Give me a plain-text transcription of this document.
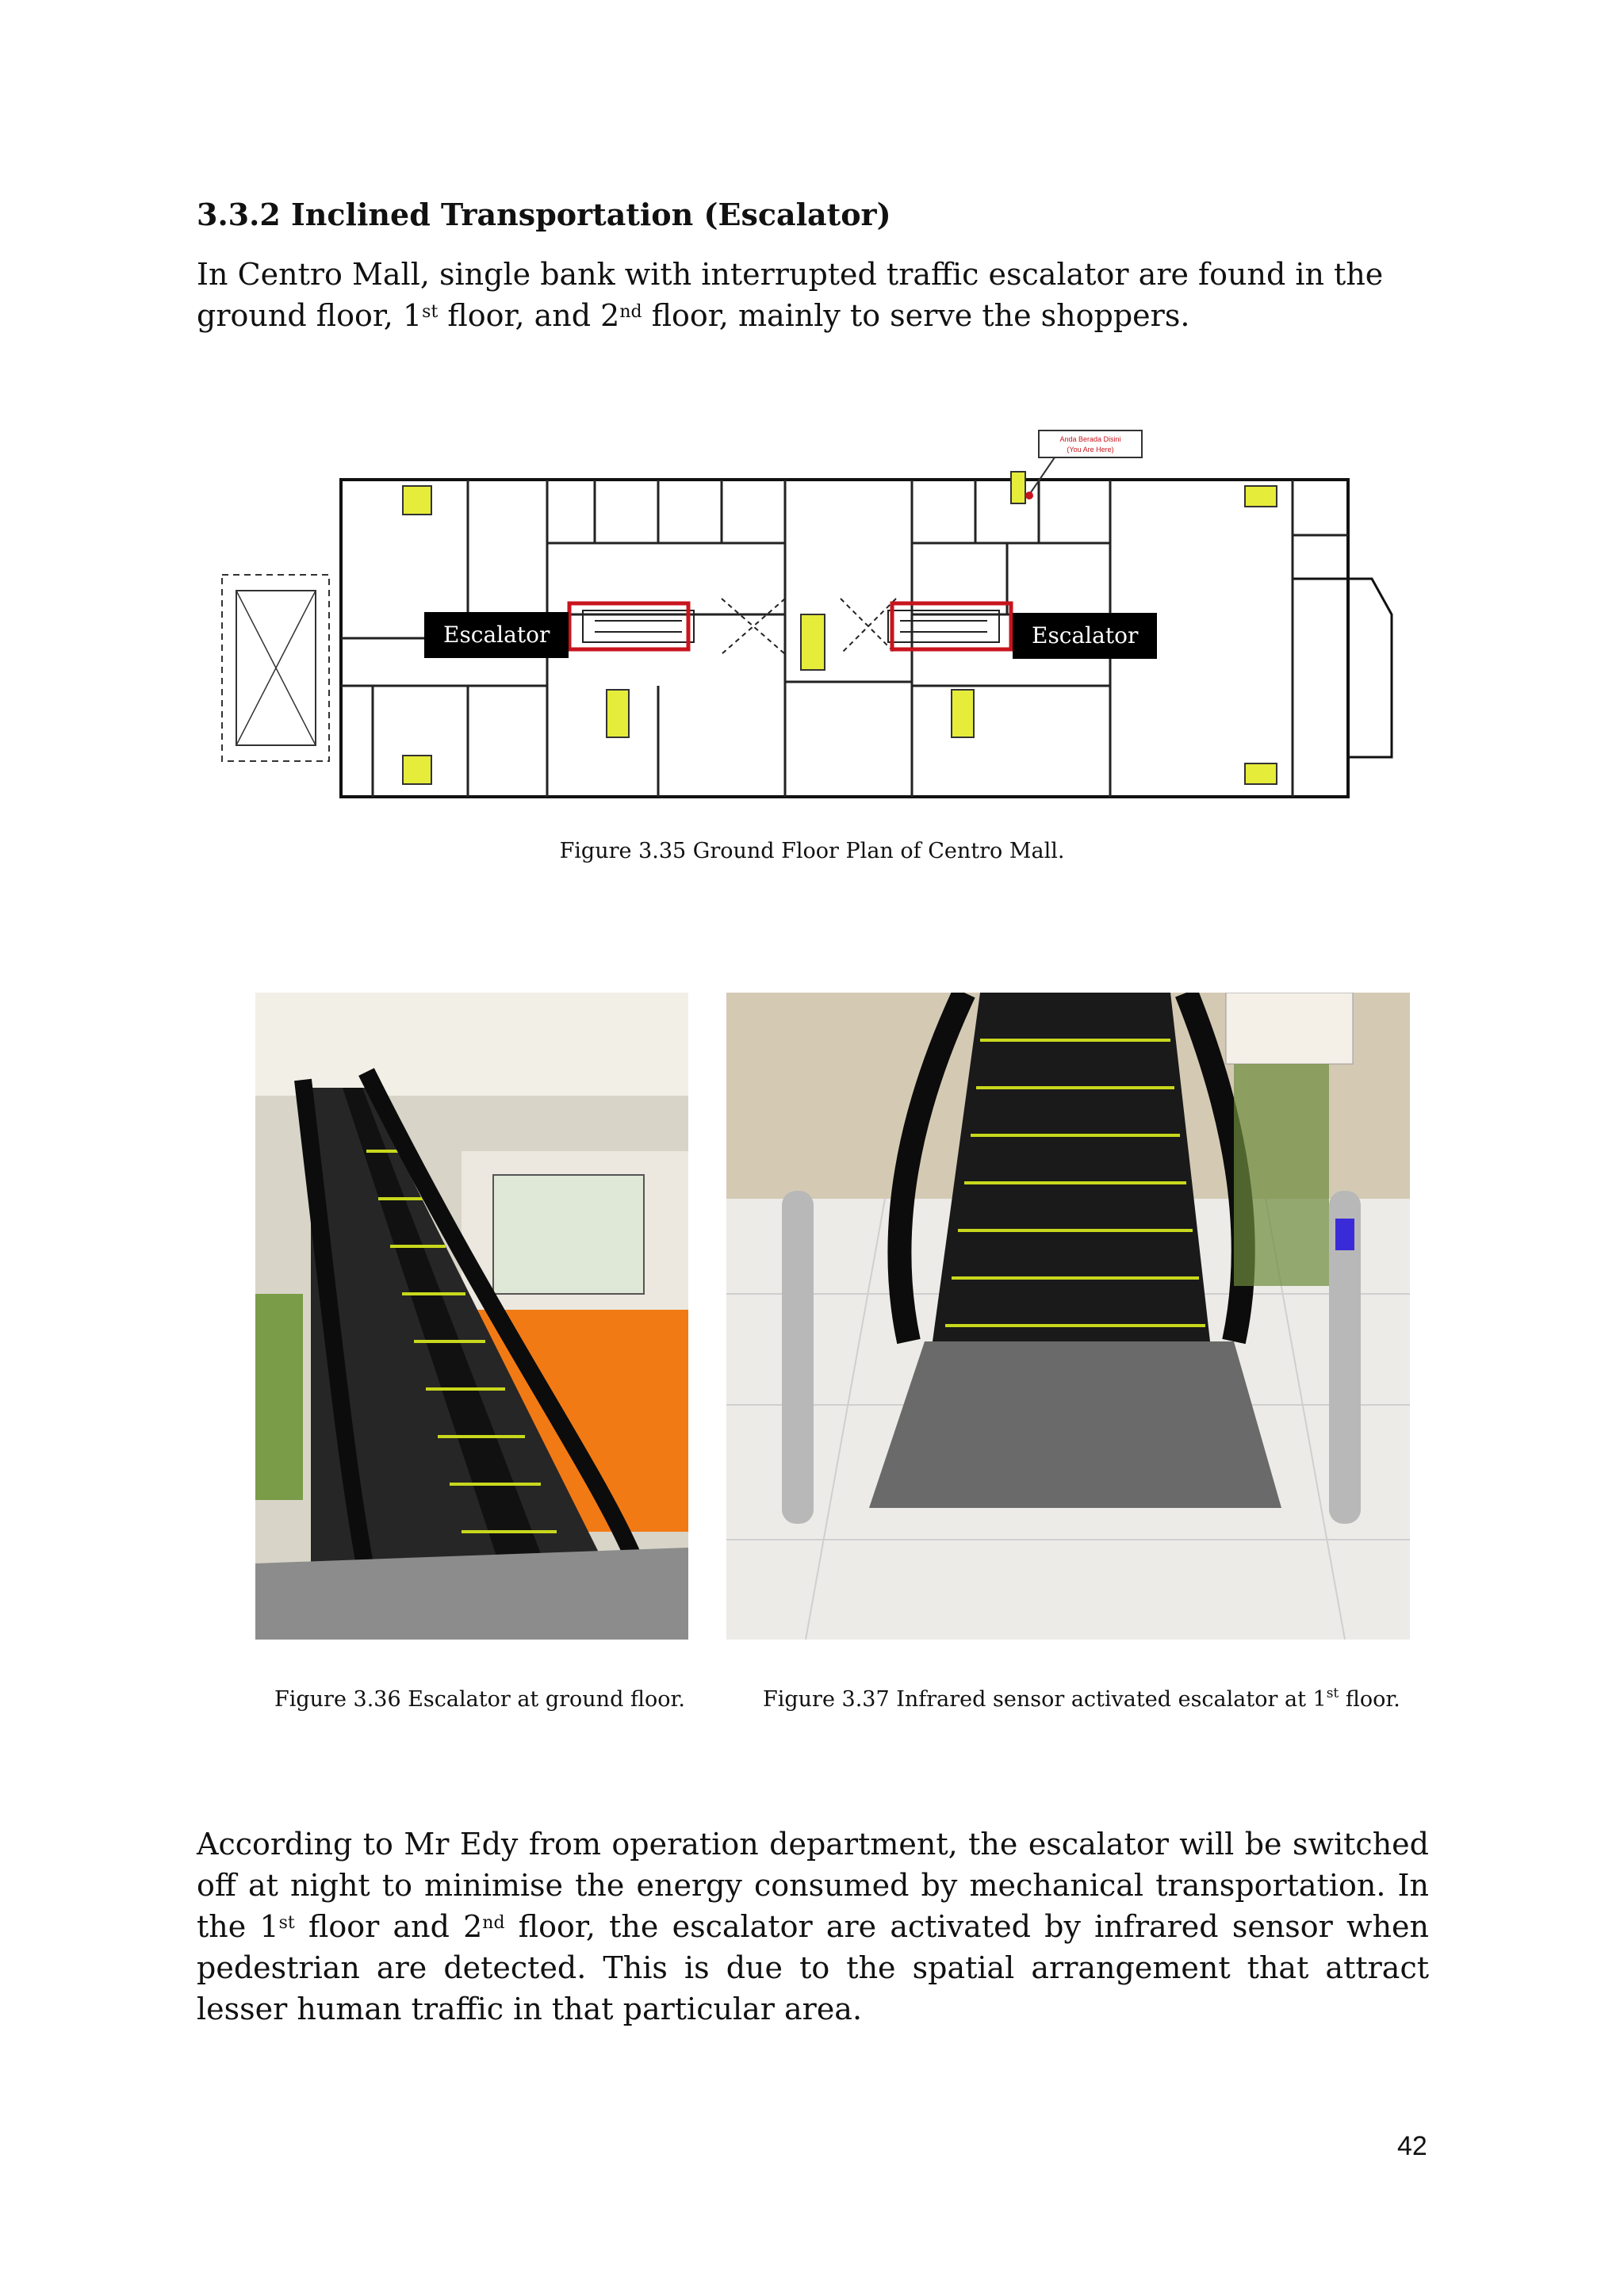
3.3.2 Inclined Transportation (Escalator)
In Centro Mall, single bank with interrupted traffic escalator are found in the ground floor, 1st floor, and 2nd floor, mainly to serve the shoppers.
Anda Berada Disini
(You Are Here)
Escalator	Escalator
Figure 3.35 Ground Floor Plan of Centro Mall.
Figure 3.36 Escalator at ground floor.	Figure 3.37 Infrared sensor activated escalator at 1st floor.
According to Mr Edy from operation department, the escalator will be switched off at night to minimise the energy consumed by mechanical transportation. In the 1st floor and 2nd floor, the escalator are activated by infrared sensor when pedestrian are detected. This is due to the spatial arrangement that attract lesser human traffic in that particular area.
42
